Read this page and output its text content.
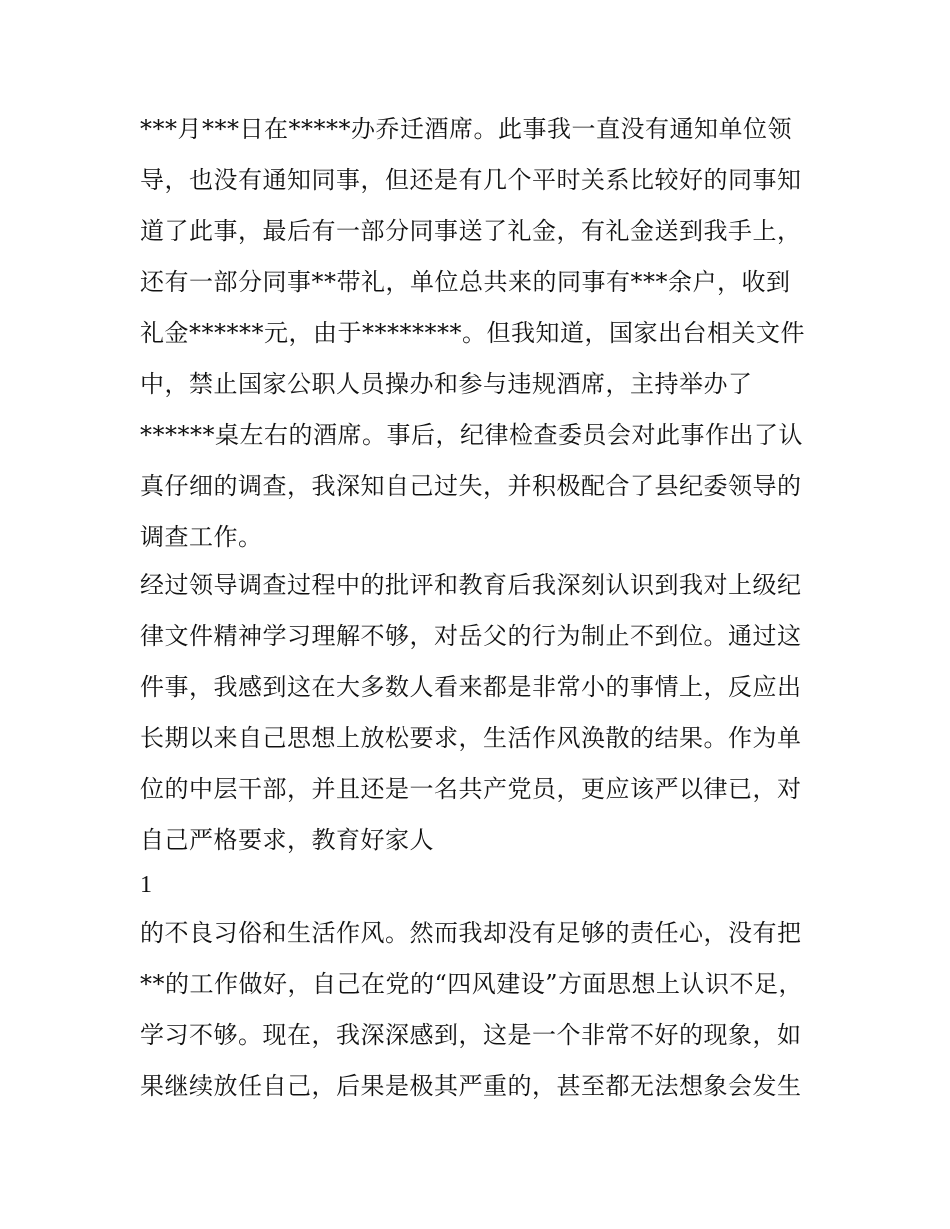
***月***日在*****办乔迁酒席。此事我一直没有通知单位领
导，也没有通知同事，但还是有几个平时关系比较好的同事知
道了此事，最后有一部分同事送了礼金，有礼金送到我手上，
还有一部分同事**带礼，单位总共来的同事有***余户，收到
礼金******元，由于********。但我知道，国家出台相关文件
中，禁止国家公职人员操办和参与违规酒席，主持举办了
******桌左右的酒席。事后，纪律检查委员会对此事作出了认
真仔细的调查，我深知自己过失，并积极配合了县纪委领导的
调查工作。
经过领导调查过程中的批评和教育后我深刻认识到我对上级纪
律文件精神学习理解不够，对岳父的行为制止不到位。通过这
件事，我感到这在大多数人看来都是非常小的事情上，反应出
长期以来自己思想上放松要求，生活作风涣散的结果。作为单
位的中层干部，并且还是一名共产党员，更应该严以律已，对
自己严格要求，教育好家人
1
的不良习俗和生活作风。然而我却没有足够的责任心，没有把
**的工作做好，自己在党的“四风建设”方面思想上认识不足，
学习不够。现在，我深深感到，这是一个非常不好的现象，如
果继续放任自己，后果是极其严重的，甚至都无法想象会发生
